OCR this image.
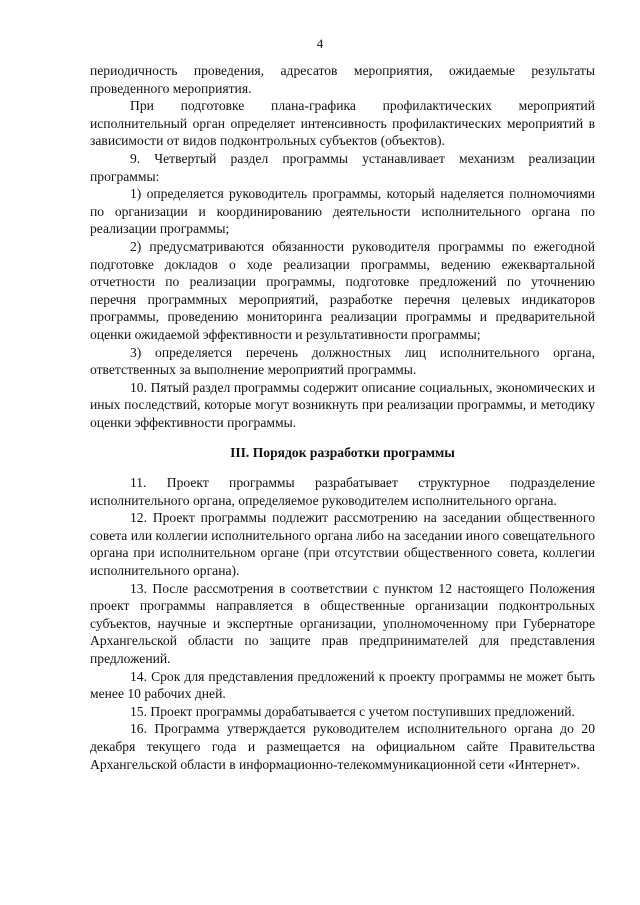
4

периодичность проведения, адресатов мероприятия, ожидаемые результаты проведенного мероприятия.

При подготовке плана-графика профилактических мероприятий исполнительный орган определяет интенсивность профилактических мероприятий в зависимости от видов подконтрольных субъектов (объектов).

9. Четвертый раздел программы устанавливает механизм реализации программы:

1) определяется руководитель программы, который наделяется полномочиями по организации и координированию деятельности исполнительного органа по реализации программы;

2) предусматриваются обязанности руководителя программы по ежегодной подготовке докладов о ходе реализации программы, ведению ежеквартальной отчетности по реализации программы, подготовке предложений по уточнению перечня программных мероприятий, разработке перечня целевых индикаторов программы, проведению мониторинга реализации программы и предварительной оценки ожидаемой эффективности и результативности программы;

3) определяется перечень должностных лиц исполнительного органа, ответственных за выполнение мероприятий программы.

10. Пятый раздел программы содержит описание социальных, экономических и иных последствий, которые могут возникнуть при реализации программы, и методику оценки эффективности программы.

III. Порядок разработки программы

11. Проект программы разрабатывает структурное подразделение исполнительного органа, определяемое руководителем исполнительного органа.

12. Проект программы подлежит рассмотрению на заседании общественного совета или коллегии исполнительного органа либо на заседании иного совещательного органа при исполнительном органе (при отсутствии общественного совета, коллегии исполнительного органа).

13. После рассмотрения в соответствии с пунктом 12 настоящего Положения проект программы направляется в общественные организации подконтрольных субъектов, научные и экспертные организации, уполномоченному при Губернаторе Архангельской области по защите прав предпринимателей для представления предложений.

14. Срок для представления предложений к проекту программы не может быть менее 10 рабочих дней.

15. Проект программы дорабатывается с учетом поступивших предложений.

16. Программа утверждается руководителем исполнительного органа до 20 декабря текущего года и размещается на официальном сайте Правительства Архангельской области в информационно-телекоммуникационной сети «Интернет».
